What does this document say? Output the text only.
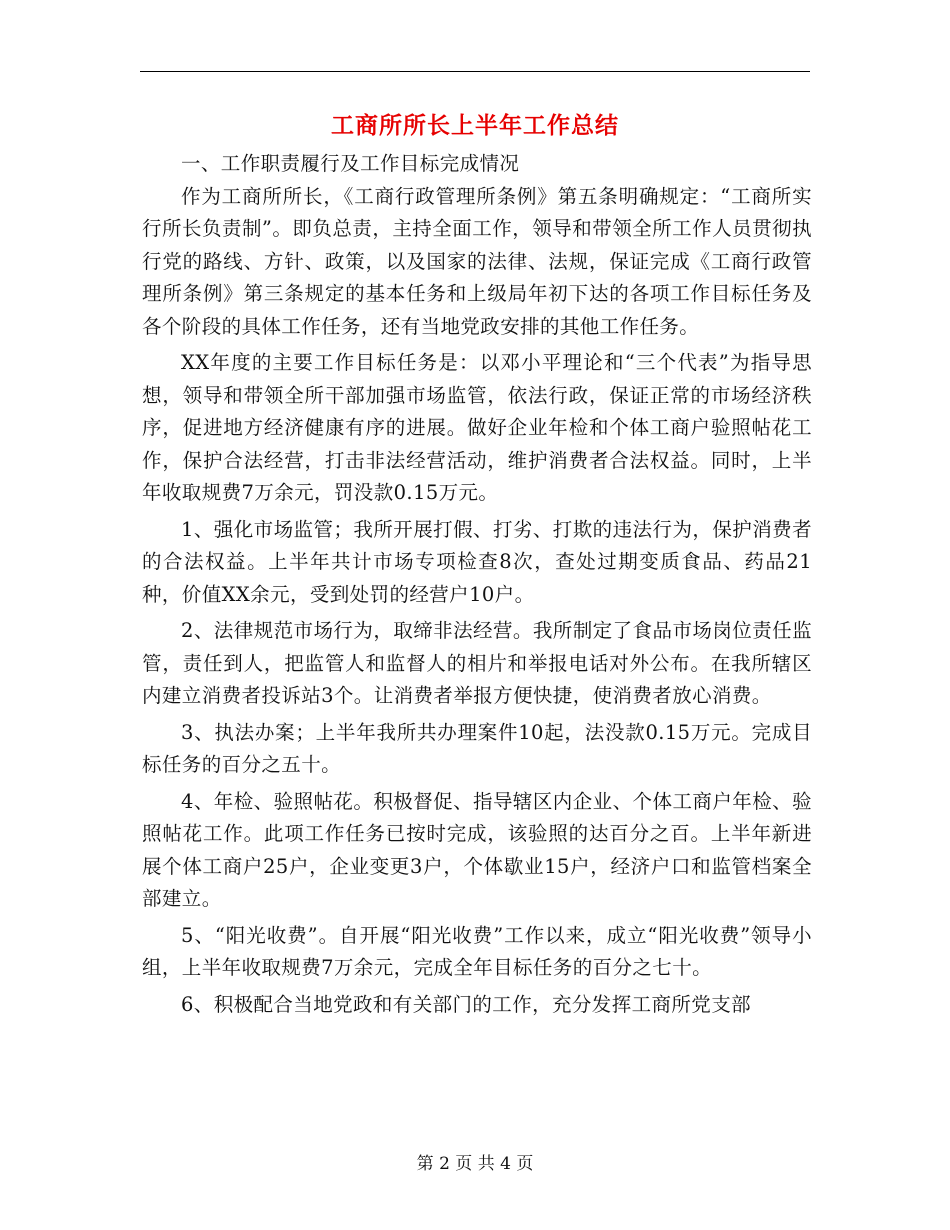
工商所所长上半年工作总结

一、工作职责履行及工作目标完成情况

作为工商所所长，《工商行政管理所条例》第五条明确规定：“工商所实行所长负责制”。即负总责，主持全面工作，领导和带领全所工作人员贯彻执行党的路线、方针、政策，以及国家的法律、法规，保证完成《工商行政管理所条例》第三条规定的基本任务和上级局年初下达的各项工作目标任务及各个阶段的具体工作任务，还有当地党政安排的其他工作任务。

XX年度的主要工作目标任务是：以邓小平理论和“三个代表”为指导思想，领导和带领全所干部加强市场监管，依法行政，保证正常的市场经济秩序，促进地方经济健康有序的进展。做好企业年检和个体工商户验照帖花工作，保护合法经营，打击非法经营活动，维护消费者合法权益。同时，上半年收取规费7万余元，罚没款0.15万元。

1、强化市场监管；我所开展打假、打劣、打欺的违法行为，保护消费者的合法权益。上半年共计市场专项检查8次，查处过期变质食品、药品21种，价值XX余元，受到处罚的经营户10户。

2、法律规范市场行为，取缔非法经营。我所制定了食品市场岗位责任监管，责任到人，把监管人和监督人的相片和举报电话对外公布。在我所辖区内建立消费者投诉站3个。让消费者举报方便快捷，使消费者放心消费。

3、执法办案；上半年我所共办理案件10起，法没款0.15万元。完成目标任务的百分之五十。

4、年检、验照帖花。积极督促、指导辖区内企业、个体工商户年检、验照帖花工作。此项工作任务已按时完成，该验照的达百分之百。上半年新进展个体工商户25户，企业变更3户，个体歇业15户，经济户口和监管档案全部建立。

5、“阳光收费”。自开展“阳光收费”工作以来，成立“阳光收费”领导小组，上半年收取规费7万余元，完成全年目标任务的百分之七十。

6、积极配合当地党政和有关部门的工作，充分发挥工商所党支部

第 2 页 共 4 页
